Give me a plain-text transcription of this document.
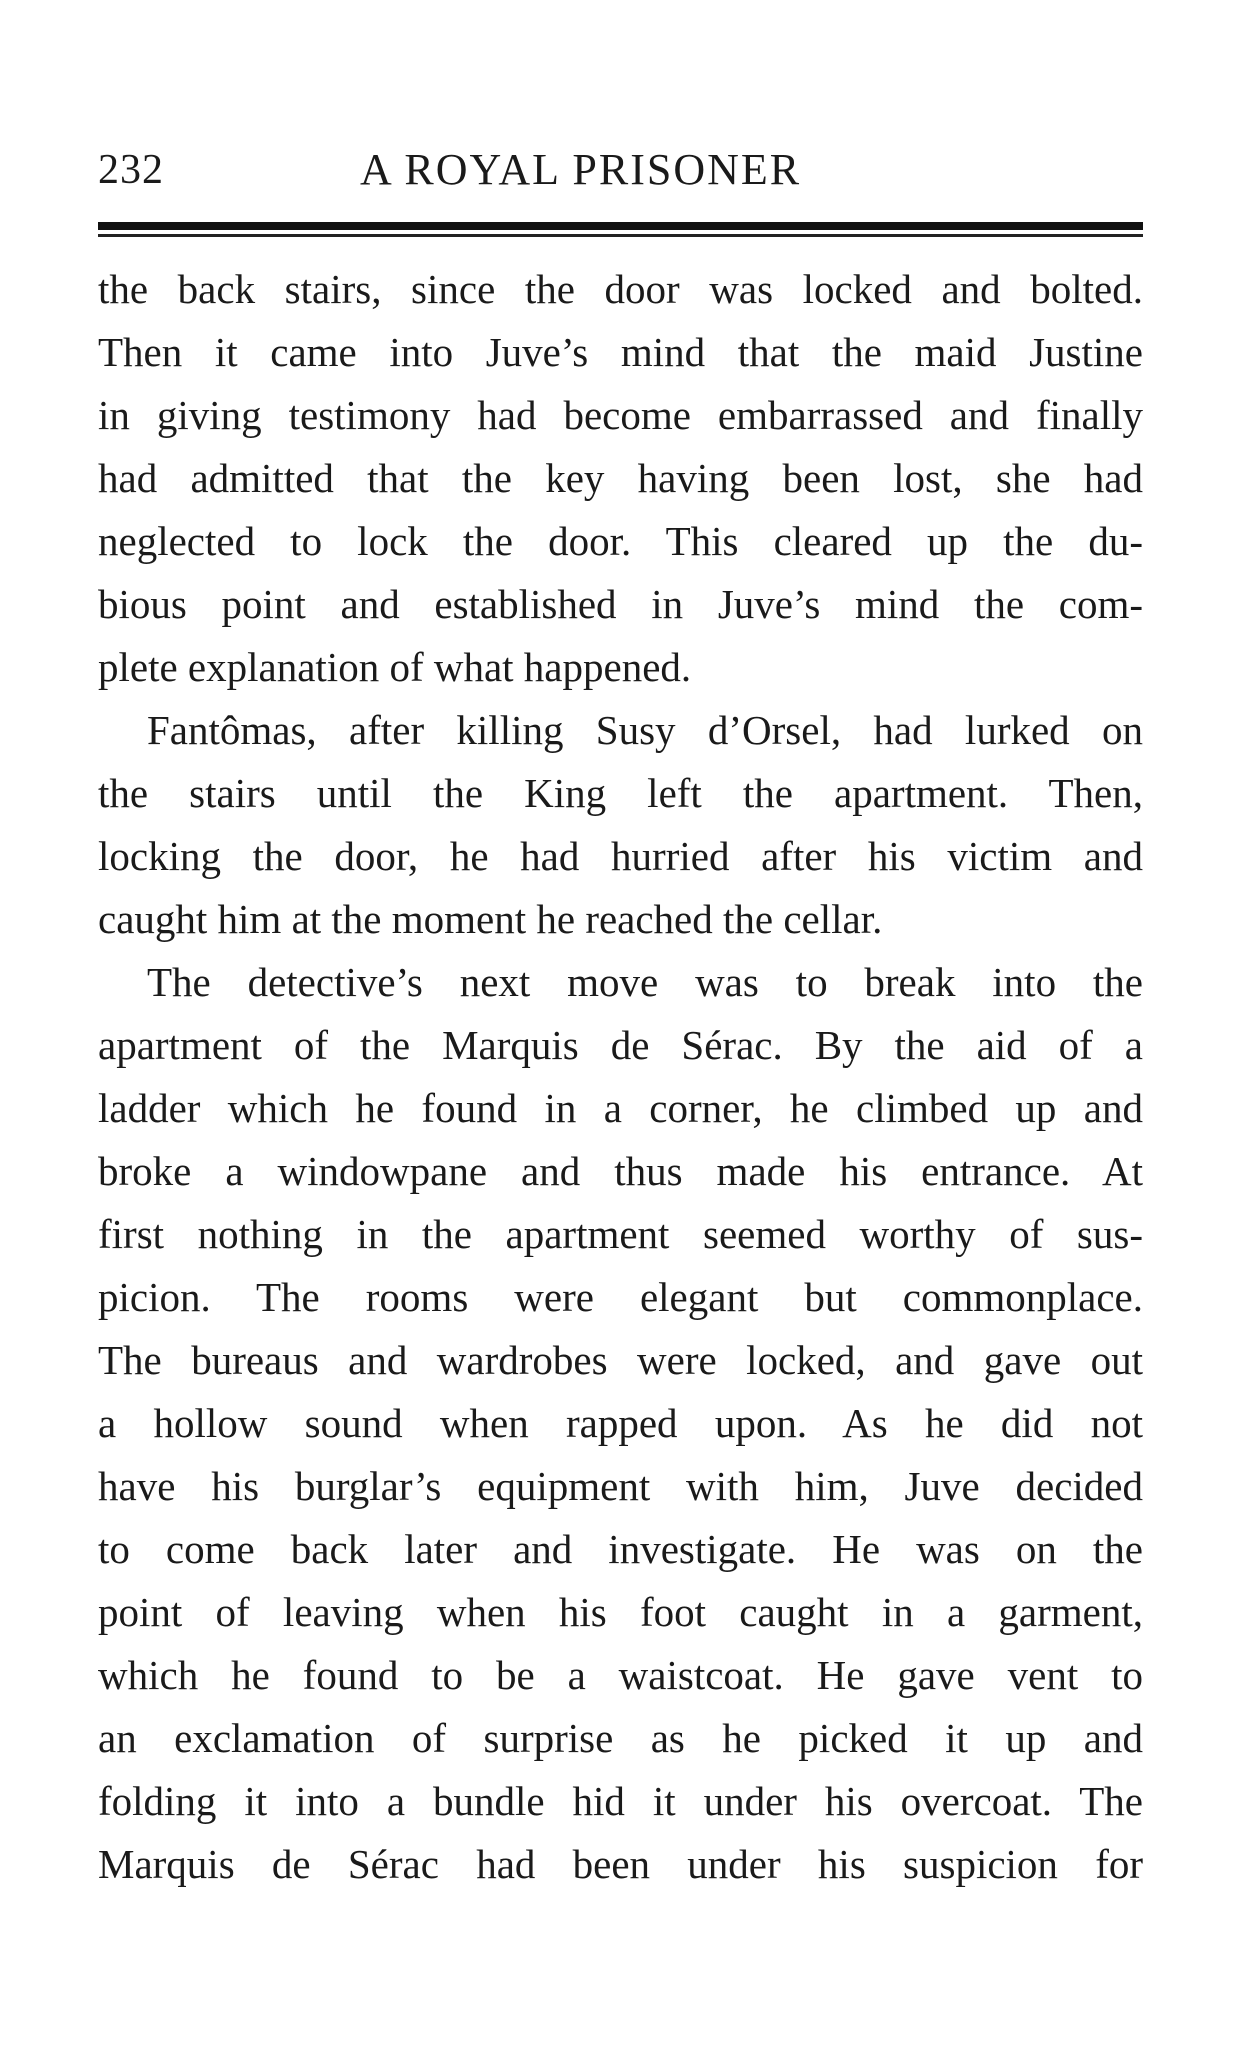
232	A ROYAL PRISONER
the back stairs, since the door was locked and bolted.
Then it came into Juve’s mind that the maid Justine
in giving testimony had become embarrassed and finally
had admitted that the key having been lost, she had
neglected to lock the door. This cleared up the du-
bious point and established in Juve’s mind the com-
plete explanation of what happened.
Fantômas, after killing Susy d’Orsel, had lurked on
the stairs until the King left the apartment. Then,
locking the door, he had hurried after his victim and
caught him at the moment he reached the cellar.
The detective’s next move was to break into the
apartment of the Marquis de Sérac. By the aid of a
ladder which he found in a corner, he climbed up and
broke a windowpane and thus made his entrance. At
first nothing in the apartment seemed worthy of sus-
picion. The rooms were elegant but commonplace.
The bureaus and wardrobes were locked, and gave out
a hollow sound when rapped upon. As he did not
have his burglar’s equipment with him, Juve decided
to come back later and investigate. He was on the
point of leaving when his foot caught in a garment,
which he found to be a waistcoat. He gave vent to
an exclamation of surprise as he picked it up and
folding it into a bundle hid it under his overcoat. The
Marquis de Sérac had been under his suspicion for
